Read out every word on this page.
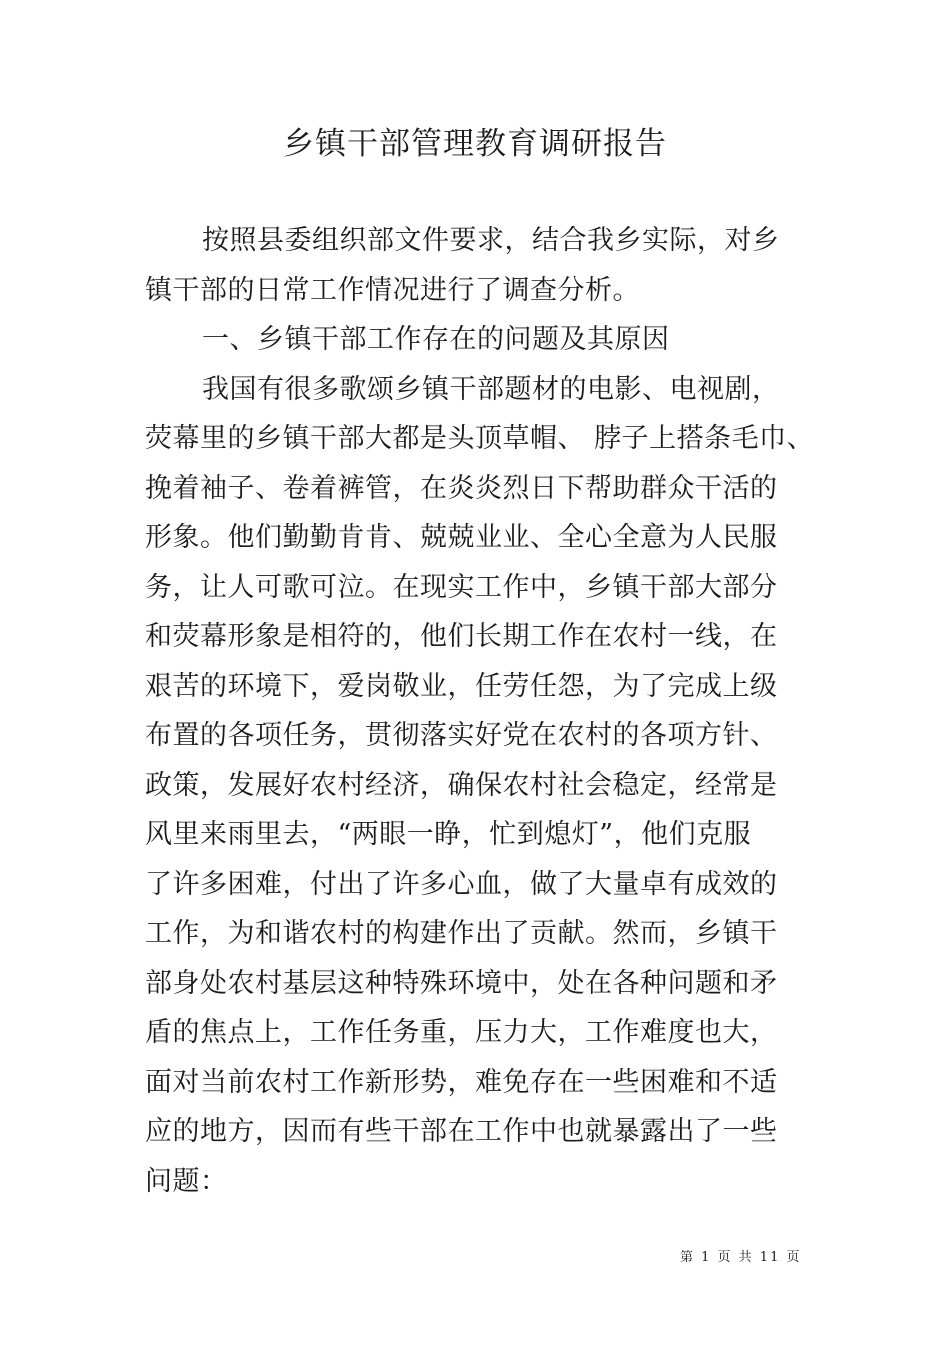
乡镇干部管理教育调研报告
按照县委组织部文件要求，结合我乡实际，对乡
镇干部的日常工作情况进行了调查分析。
一、乡镇干部工作存在的问题及其原因
我国有很多歌颂乡镇干部题材的电影、电视剧，
荧幕里的乡镇干部大都是头顶草帽、 脖子上搭条毛巾、
挽着袖子、卷着裤管，在炎炎烈日下帮助群众干活的
形象。他们勤勤肯肯、兢兢业业、全心全意为人民服
务，让人可歌可泣。在现实工作中，乡镇干部大部分
和荧幕形象是相符的，他们长期工作在农村一线，在
艰苦的环境下，爱岗敬业，任劳任怨，为了完成上级
布置的各项任务，贯彻落实好党在农村的各项方针、
政策，发展好农村经济，确保农村社会稳定，经常是
风里来雨里去，“两眼一睁，忙到熄灯”，他们克服
了许多困难，付出了许多心血，做了大量卓有成效的
工作，为和谐农村的构建作出了贡献。然而，乡镇干
部身处农村基层这种特殊环境中，处在各种问题和矛
盾的焦点上，工作任务重，压力大，工作难度也大，
面对当前农村工作新形势，难免存在一些困难和不适
应的地方，因而有些干部在工作中也就暴露出了一些
问题：
第 1 页 共 11 页
